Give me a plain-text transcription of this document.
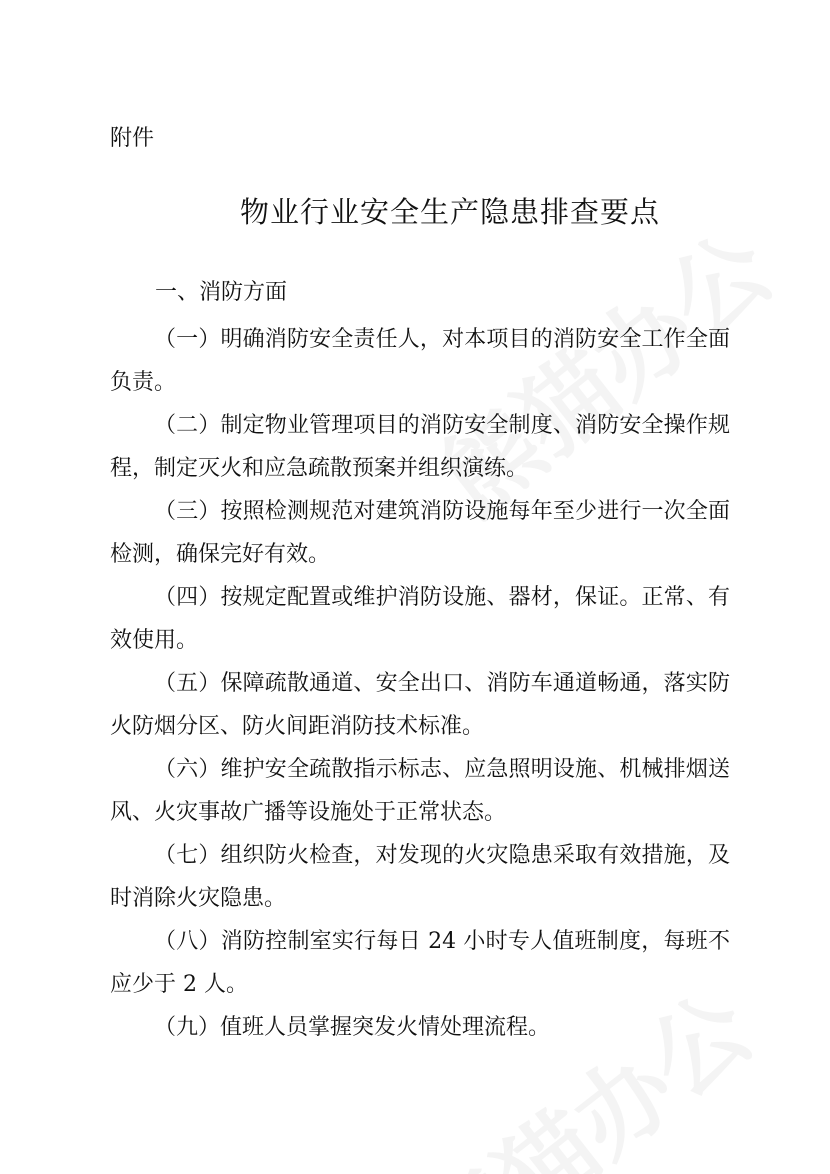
附件
物业行业安全生产隐患排查要点
一、消防方面

（一）明确消防安全责任人，对本项目的消防安全工作全面负责。

（二）制定物业管理项目的消防安全制度、消防安全操作规程，制定灭火和应急疏散预案并组织演练。

（三）按照检测规范对建筑消防设施每年至少进行一次全面检测，确保完好有效。

（四）按规定配置或维护消防设施、器材，保证。正常、有效使用。

（五）保障疏散通道、安全出口、消防车通道畅通，落实防火防烟分区、防火间距消防技术标准。

（六）维护安全疏散指示标志、应急照明设施、机械排烟送风、火灾事故广播等设施处于正常状态。

（七）组织防火检查，对发现的火灾隐患采取有效措施，及时消除火灾隐患。

（八）消防控制室实行每日 24 小时专人值班制度，每班不应少于 2 人。

（九）值班人员掌握突发火情处理流程。
